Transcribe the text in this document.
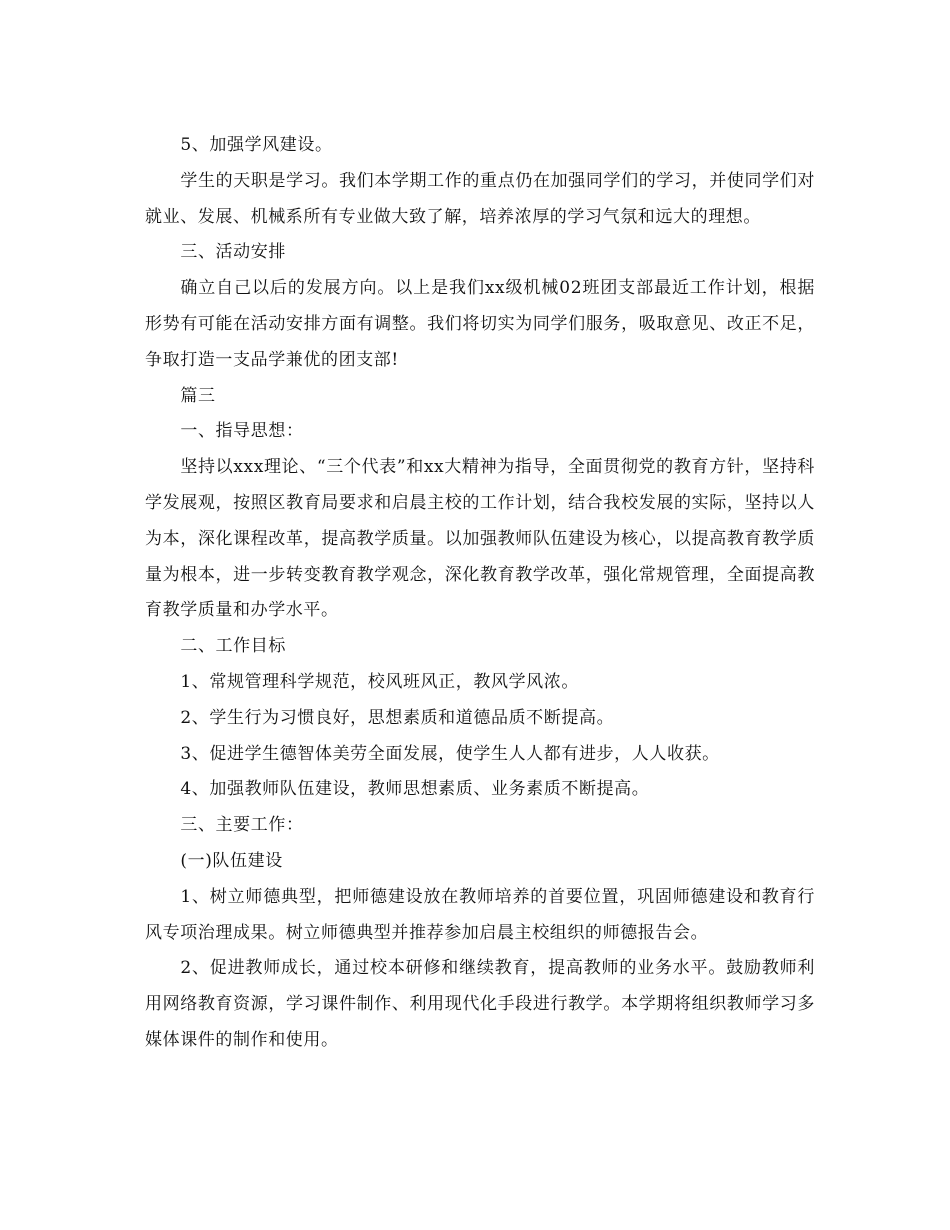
5、加强学风建设。

学生的天职是学习。我们本学期工作的重点仍在加强同学们的学习，并使同学们对就业、发展、机械系所有专业做大致了解，培养浓厚的学习气氛和远大的理想。

三、活动安排

确立自己以后的发展方向。以上是我们xx级机械02班团支部最近工作计划，根据形势有可能在活动安排方面有调整。我们将切实为同学们服务，吸取意见、改正不足，争取打造一支品学兼优的团支部!

篇三

一、指导思想：

坚持以xxx理论、“三个代表”和xx大精神为指导，全面贯彻党的教育方针，坚持科学发展观，按照区教育局要求和启晨主校的工作计划，结合我校发展的实际，坚持以人为本，深化课程改革，提高教学质量。以加强教师队伍建设为核心，以提高教育教学质量为根本，进一步转变教育教学观念，深化教育教学改革，强化常规管理，全面提高教育教学质量和办学水平。

二、工作目标

1、常规管理科学规范，校风班风正，教风学风浓。

2、学生行为习惯良好，思想素质和道德品质不断提高。

3、促进学生德智体美劳全面发展，使学生人人都有进步，人人收获。

4、加强教师队伍建设，教师思想素质、业务素质不断提高。

三、主要工作：

(一)队伍建设

1、树立师德典型，把师德建设放在教师培养的首要位置，巩固师德建设和教育行风专项治理成果。树立师德典型并推荐参加启晨主校组织的师德报告会。

2、促进教师成长，通过校本研修和继续教育，提高教师的业务水平。鼓励教师利用网络教育资源，学习课件制作、利用现代化手段进行教学。本学期将组织教师学习多媒体课件的制作和使用。
